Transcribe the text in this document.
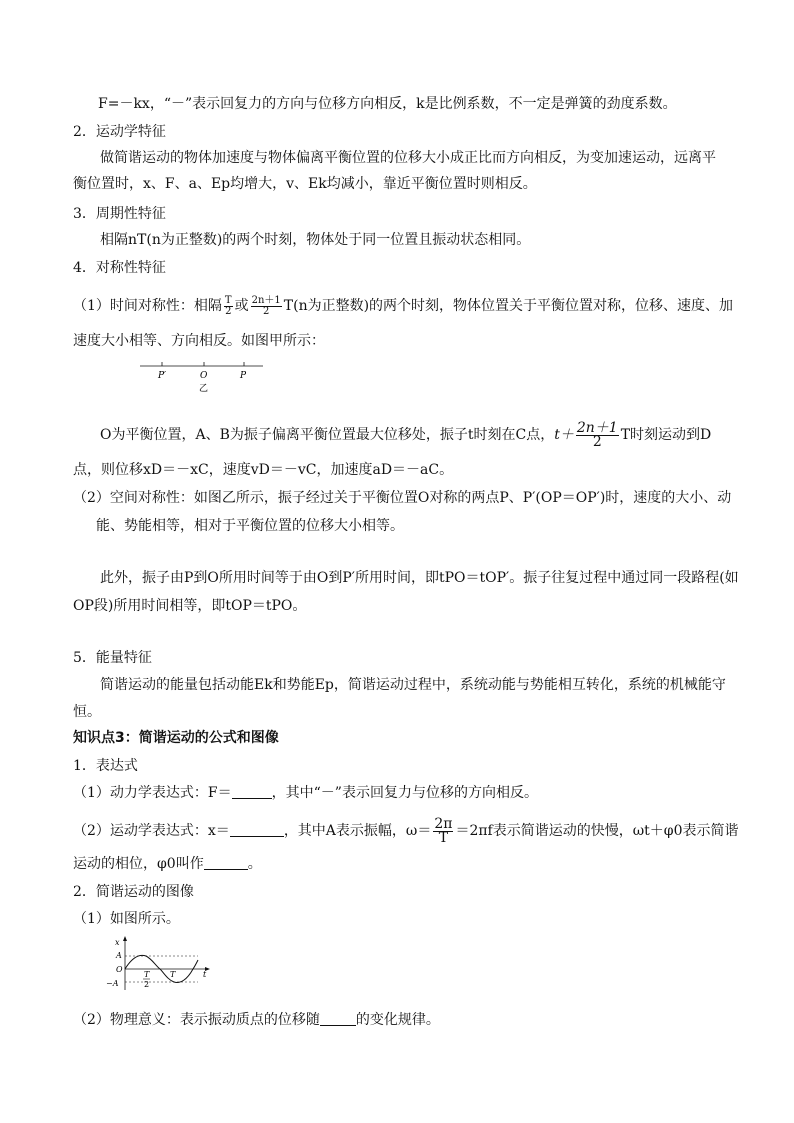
F=－kx，“－”表示回复力的方向与位移方向相反，k是比例系数，不一定是弹簧的劲度系数。
2．运动学特征
做简谐运动的物体加速度与物体偏离平衡位置的位移大小成正比而方向相反，为变加速运动，远离平
衡位置时，x、F、a、Ep均增大，v、Ek均减小，靠近平衡位置时则相反。
3．周期性特征
相隔nT(n为正整数)的两个时刻，物体处于同一位置且振动状态相同。
4．对称性特征
（1）时间对称性：相隔 $\frac{T}{2}$ 或 $\frac{2n+1}{2} T(n$为正整数)的两个时刻，物体位置关于平衡位置对称，位移、速度、加
速度大小相等、方向相反。如图甲所示：
P′	O	P
乙
O为平衡位置，A、B为振子偏离平衡位置最大位移处，振子t时刻在C点，$t+ \frac{2n+1}{2}$ T时刻运动到D
点，则位移xD＝－xC，速度vD＝－vC，加速度aD＝－aC。
（2）空间对称性：如图乙所示，振子经过关于平衡位置O对称的两点P、P′(OP＝OP′)时，速度的大小、动
能、势能相等，相对于平衡位置的位移大小相等。
此外，振子由P到O所用时间等于由O到P′所用时间，即tPO＝tOP′。振子往复过程中通过同一段路程(如
OP段)所用时间相等，即tOP＝tPO。
5．能量特征
简谐运动的能量包括动能Ek和势能Ep，简谐运动过程中，系统动能与势能相互转化，系统的机械能守
恒。
知识点3：简谐运动的公式和图像
1．表达式
（1）动力学表达式：F＝	，其中“－”表示回复力与位移的方向相反。
（2）运动学表达式：x＝	，其中A表示振幅，$\omega= \frac{2\pi}{T} =2\pi f$表示简谐运动的快慢，ωt＋φ0表示简谐
运动的相位，φ0叫作	。
2．简谐运动的图像
（1）如图所示。
x
A
O
−A
T
2
T	t
（2）物理意义：表示振动质点的位移随	的变化规律。
